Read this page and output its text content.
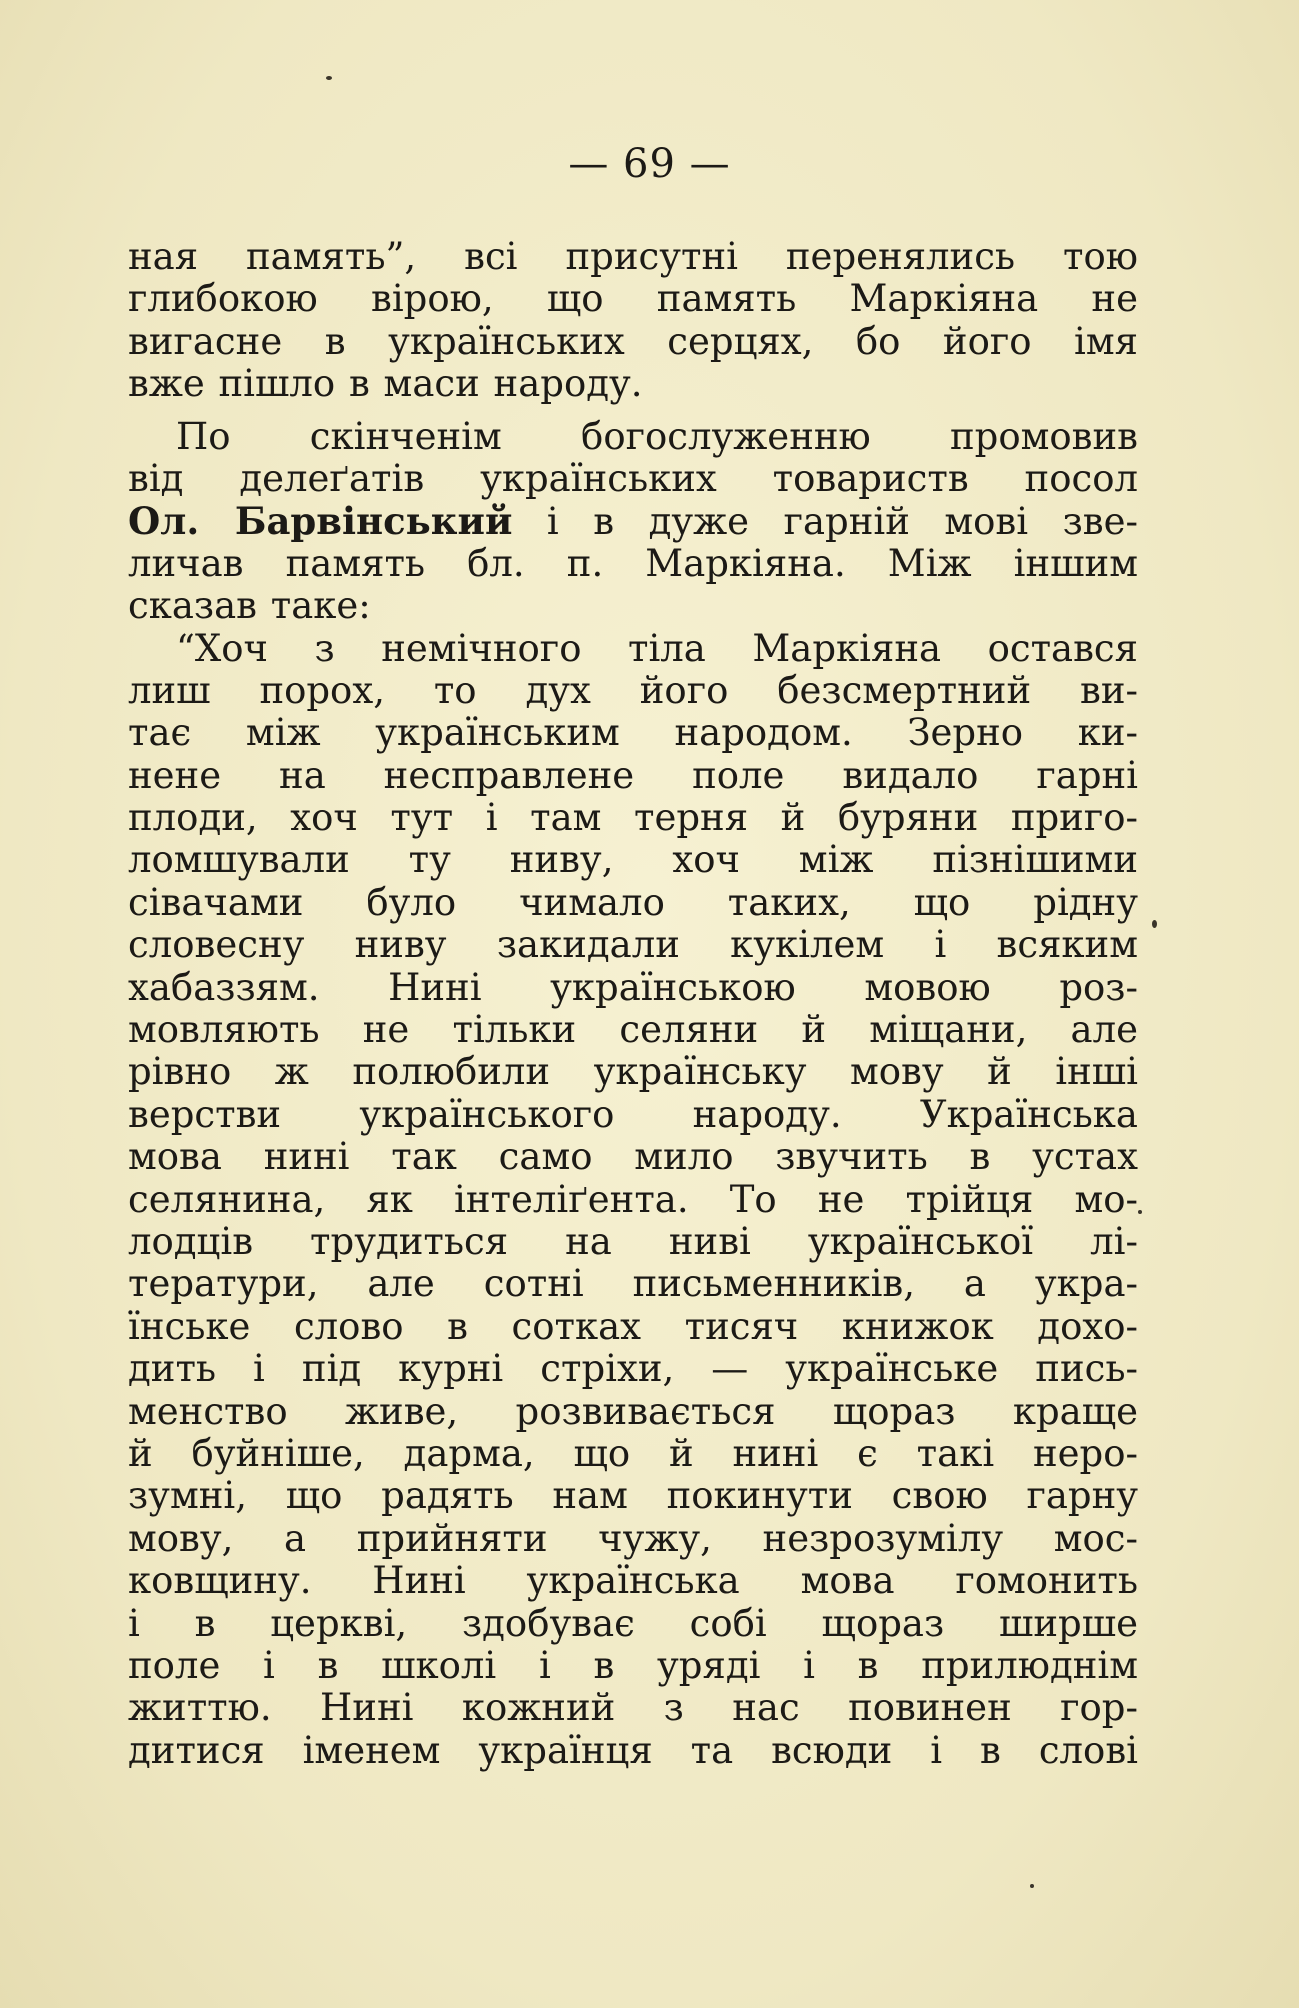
— 69 —
ная память”, всі присутні перенялись тою
глибокою вірою, що память Маркіяна не
вигасне в українських серцях, бо його імя
вже пішло в маси народу.
По скінченім богослуженню промовив
від делеґатів українських товариств посол
Ол. Барвінський і в дуже гарній мові зве-
личав память бл. п. Маркіяна. Між іншим
сказав таке:
“Хоч з немічного тіла Маркіяна остався
лиш порох, то дух його безсмертний ви-
тає між українським народом. Зерно ки-
нене на несправлене поле видало гарні
плоди, хоч тут і там терня й буряни приго-
ломшували ту ниву, хоч між пізнішими
сівачами було чимало таких, що рідну
словесну ниву закидали кукілем і всяким
хабаззям. Нині українською мовою роз-
мовляють не тільки селяни й міщани, але
рівно ж полюбили українську мову й інші
верстви українського народу. Українська
мова нині так само мило звучить в устах
селянина, як інтеліґента. То не трійця мо-
лодців трудиться на ниві української лі-
тератури, але сотні письменників, а укра-
їнське слово в сотках тисяч книжок дохо-
дить і під курні стріхи, — українське пись-
менство живе, розвивається щораз краще
й буйніше, дарма, що й нині є такі неро-
зумні, що радять нам покинути свою гарну
мову, а прийняти чужу, незрозумілу мос-
ковщину. Нині українська мова гомонить
і в церкві, здобуває собі щораз ширше
поле і в школі і в уряді і в прилюднім
життю. Нині кожний з нас повинен гор-
дитися іменем українця та всюди і в слові
